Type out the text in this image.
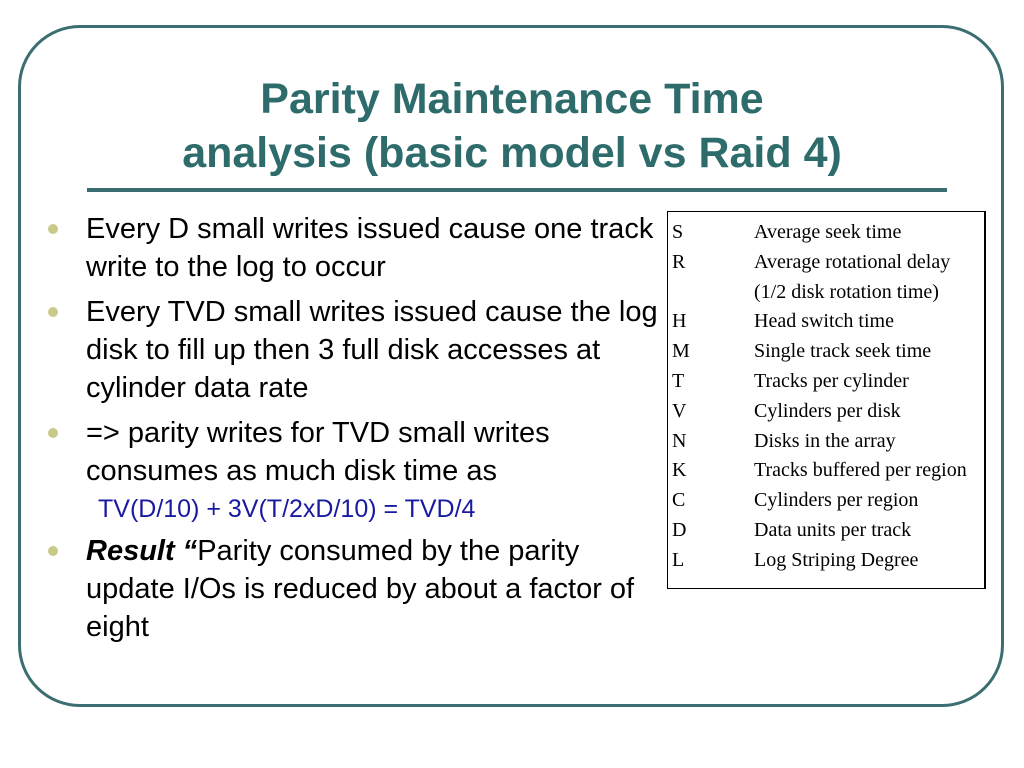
Parity Maintenance Time
analysis (basic model vs Raid 4)
Every D small writes issued cause one track write to the log to occur
Every TVD small writes issued cause the log disk to fill up then 3 full disk accesses at cylinder data rate
=> parity writes for TVD small writes consumes as much disk time as
TV(D/10) + 3V(T/2xD/10) = TVD/4
Result “Parity consumed by the parity update I/Os is reduced by about a factor of eight
S	Average seek time
R	Average rotational delay
(1/2 disk rotation time)
H	Head switch time
M	Single track seek time
T	Tracks per cylinder
V	Cylinders per disk
N	Disks in the array
K	Tracks buffered per region
C	Cylinders per region
D	Data units per track
L	Log Striping Degree
